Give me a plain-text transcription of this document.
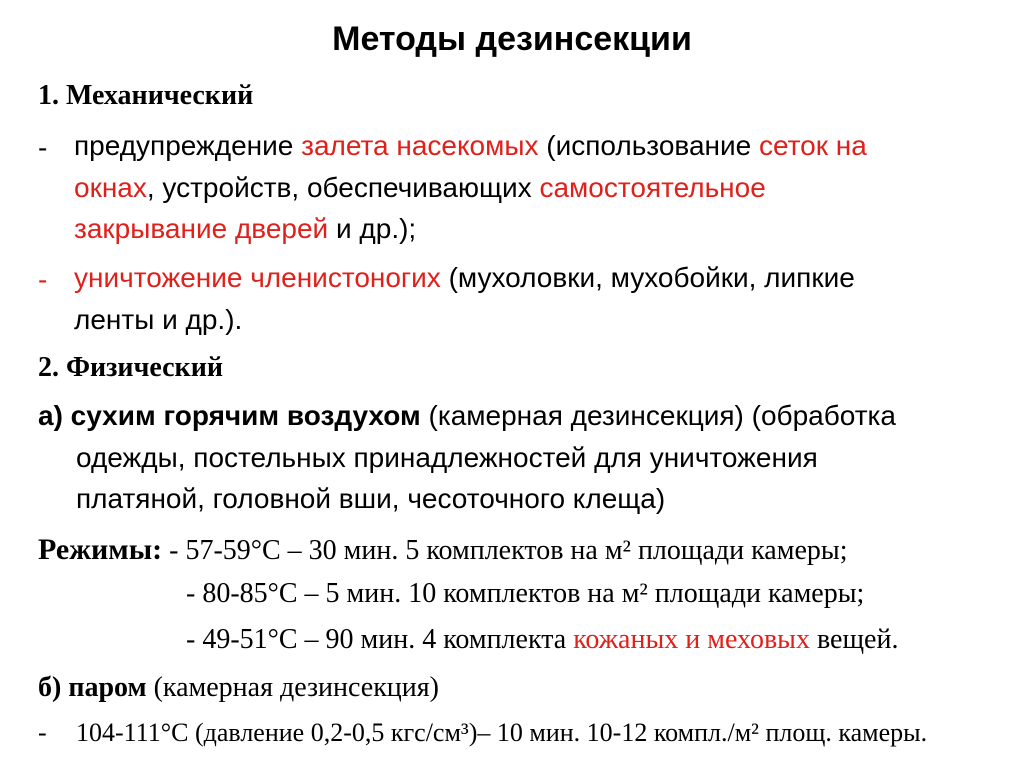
Методы дезинсекции
1. Механический
- предупреждение залета насекомых (использование сеток на
окнах, устройств, обеспечивающих самостоятельное
закрывание дверей и др.);
- уничтожение членистоногих (мухоловки, мухобойки, липкие
ленты и др.).
2. Физический
а) сухим горячим воздухом (камерная дезинсекция) (обработка
одежды, постельных принадлежностей для уничтожения
платяной, головной вши, чесоточного клеща)
Режимы: - 57-59°С – 30 мин. 5 комплектов на м² площади камеры;
- 80-85°С – 5 мин. 10 комплектов на м² площади камеры;
- 49-51°С – 90 мин. 4 комплекта кожаных и меховых вещей.
б) паром (камерная дезинсекция)
- 104-111°С (давление 0,2-0,5 кгс/см³)– 10 мин. 10-12 компл./м² площ. камеры.
